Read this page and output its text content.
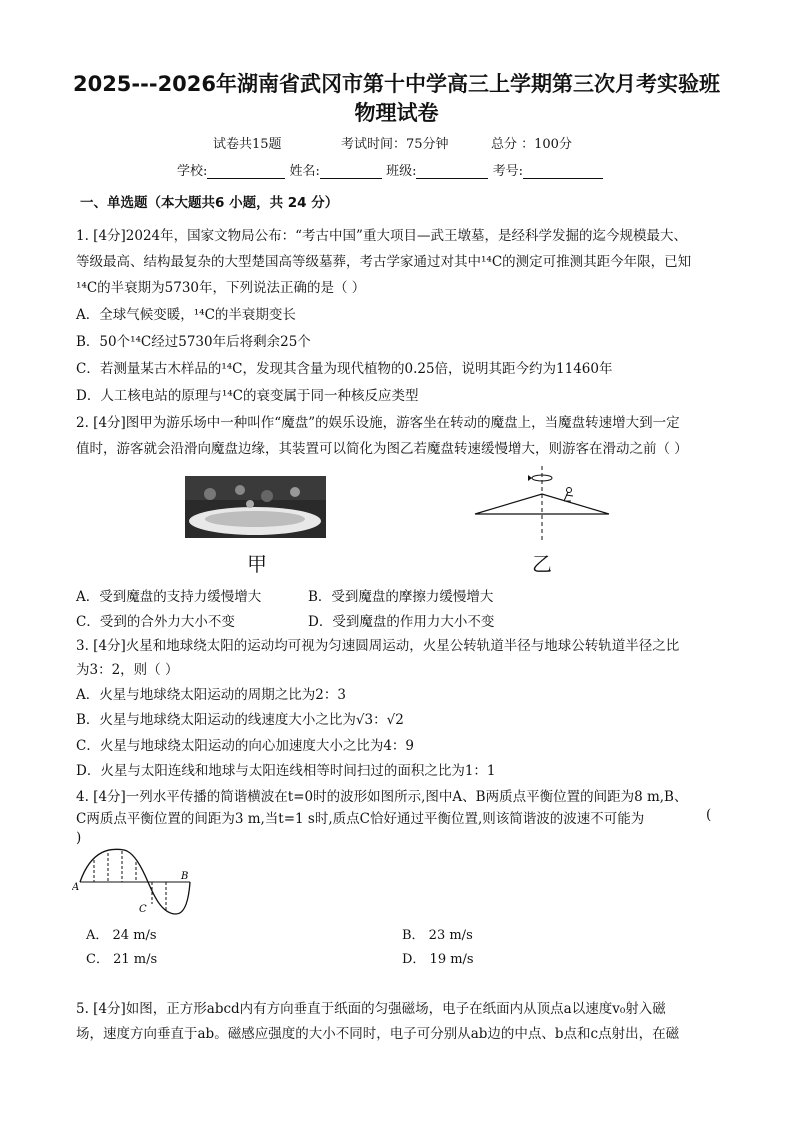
2025---2026年湖南省武冈市第十中学高三上学期第三次月考实验班
物理试卷
试卷共15题	考试时间：75分钟	总分 ：100分
学校:	姓名:	班级:	考号:
一、单选题（本大题共6 小题，共 24 分）
1. [4分]2024年，国家文物局公布：“考古中国”重大项目—武王墩墓，是经科学发掘的迄今规模最大、
等级最高、结构最复杂的大型楚国高等级墓葬，考古学家通过对其中¹⁴C的测定可推测其距今年限，已知
¹⁴C的半衰期为5730年，下列说法正确的是（ ）
A．全球气候变暖，¹⁴C的半衰期变长
B．50个¹⁴C经过5730年后将剩余25个
C．若测量某古木样品的¹⁴C，发现其含量为现代植物的0.25倍，说明其距今约为11460年
D．人工核电站的原理与¹⁴C的衰变属于同一种核反应类型
2. [4分]图甲为游乐场中一种叫作“魔盘”的娱乐设施，游客坐在转动的魔盘上，当魔盘转速增大到一定
值时，游客就会沿滑向魔盘边缘，其装置可以简化为图乙若魔盘转速缓慢增大，则游客在滑动之前（ ）
甲	乙
A．受到魔盘的支持力缓慢增大	B．受到魔盘的摩擦力缓慢增大
C．受到的合外力大小不变	D．受到魔盘的作用力大小不变
3. [4分]火星和地球绕太阳的运动均可视为匀速圆周运动，火星公转轨道半径与地球公转轨道半径之比
为3：2，则（ ）
A．火星与地球绕太阳运动的周期之比为2：3
B．火星与地球绕太阳运动的线速度大小之比为√3：√2
C．火星与地球绕太阳运动的向心加速度大小之比为4：9
D．火星与太阳连线和地球与太阳连线相等时间扫过的面积之比为1：1
4. [4分]一列水平传播的简谐横波在t=0时的波形如图所示,图中A、B两质点平衡位置的间距为8 m,B、
C两质点平衡位置的间距为3 m,当t=1 s时,质点C恰好通过平衡位置,则该简谐波的波速不可能为	(
)
A
B
C
A． 24 m/s	B． 23 m/s
C． 21 m/s	D． 19 m/s
5. [4分]如图，正方形abcd内有方向垂直于纸面的匀强磁场，电子在纸面内从顶点a以速度v₀射入磁
场，速度方向垂直于ab。磁感应强度的大小不同时，电子可分别从ab边的中点、b点和c点射出，在磁
